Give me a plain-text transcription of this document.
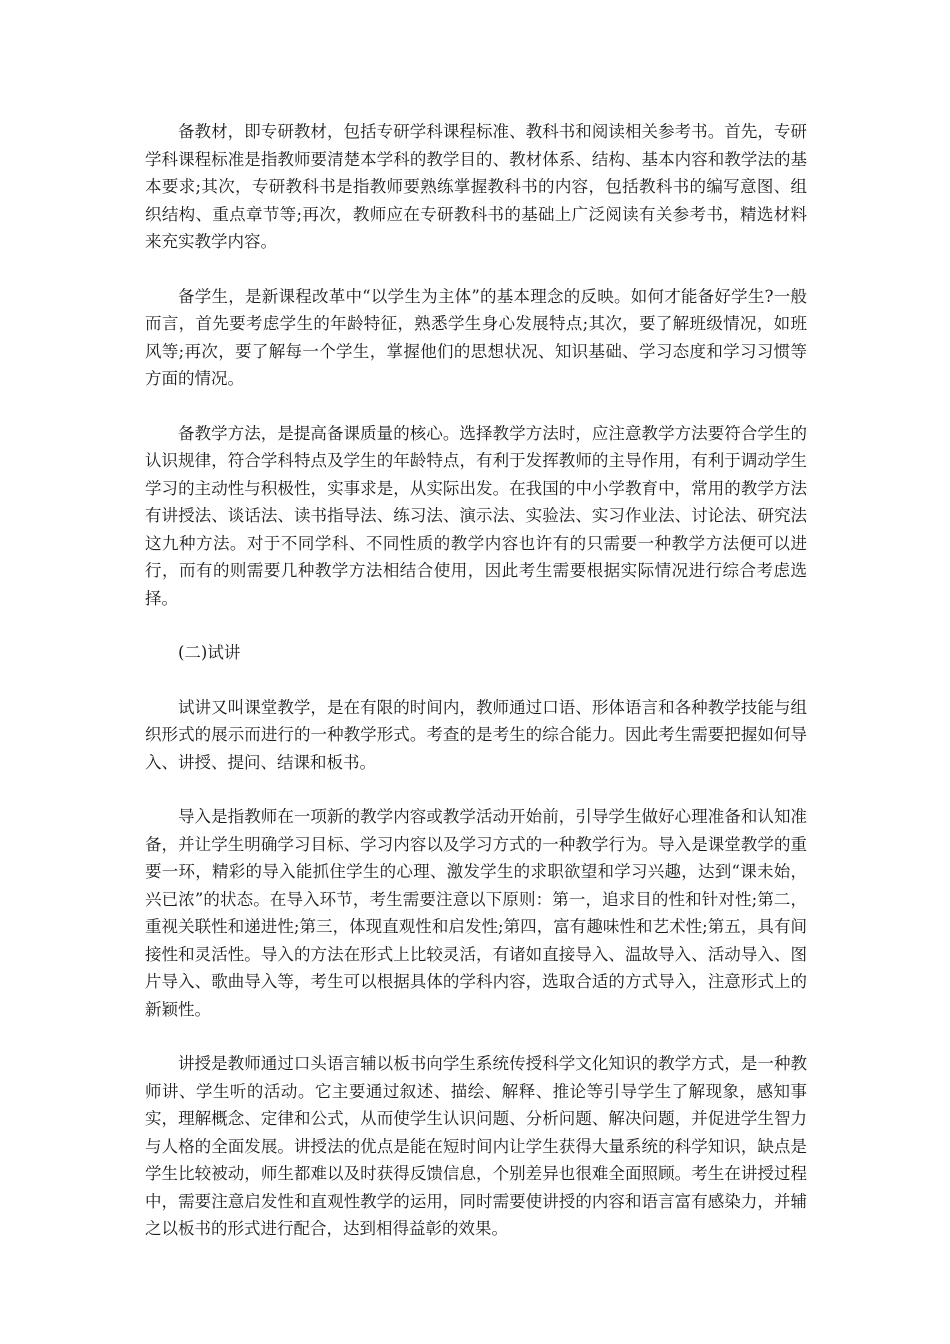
备教材，即专研教材，包括专研学科课程标准、教科书和阅读相关参考书。首先，专研学科课程标准是指教师要清楚本学科的教学目的、教材体系、结构、基本内容和教学法的基本要求;其次，专研教科书是指教师要熟练掌握教科书的内容，包括教科书的编写意图、组织结构、重点章节等;再次，教师应在专研教科书的基础上广泛阅读有关参考书，精选材料来充实教学内容。

备学生，是新课程改革中“以学生为主体”的基本理念的反映。如何才能备好学生?一般而言，首先要考虑学生的年龄特征，熟悉学生身心发展特点;其次，要了解班级情况，如班风等;再次，要了解每一个学生，掌握他们的思想状况、知识基础、学习态度和学习习惯等方面的情况。

备教学方法，是提高备课质量的核心。选择教学方法时，应注意教学方法要符合学生的认识规律，符合学科特点及学生的年龄特点，有利于发挥教师的主导作用，有利于调动学生学习的主动性与积极性，实事求是，从实际出发。在我国的中小学教育中，常用的教学方法有讲授法、谈话法、读书指导法、练习法、演示法、实验法、实习作业法、讨论法、研究法这九种方法。对于不同学科、不同性质的教学内容也许有的只需要一种教学方法便可以进行，而有的则需要几种教学方法相结合使用，因此考生需要根据实际情况进行综合考虑选择。

(二)试讲

试讲又叫课堂教学，是在有限的时间内，教师通过口语、形体语言和各种教学技能与组织形式的展示而进行的一种教学形式。考查的是考生的综合能力。因此考生需要把握如何导入、讲授、提问、结课和板书。

导入是指教师在一项新的教学内容或教学活动开始前，引导学生做好心理准备和认知准备，并让学生明确学习目标、学习内容以及学习方式的一种教学行为。导入是课堂教学的重要一环，精彩的导入能抓住学生的心理、激发学生的求职欲望和学习兴趣，达到“课未始，兴已浓”的状态。在导入环节，考生需要注意以下原则：第一，追求目的性和针对性;第二，重视关联性和递进性;第三，体现直观性和启发性;第四，富有趣味性和艺术性;第五，具有间接性和灵活性。导入的方法在形式上比较灵活，有诸如直接导入、温故导入、活动导入、图片导入、歌曲导入等，考生可以根据具体的学科内容，选取合适的方式导入，注意形式上的新颖性。

讲授是教师通过口头语言辅以板书向学生系统传授科学文化知识的教学方式，是一种教师讲、学生听的活动。它主要通过叙述、描绘、解释、推论等引导学生了解现象，感知事实，理解概念、定律和公式，从而使学生认识问题、分析问题、解决问题，并促进学生智力与人格的全面发展。讲授法的优点是能在短时间内让学生获得大量系统的科学知识，缺点是学生比较被动，师生都难以及时获得反馈信息，个别差异也很难全面照顾。考生在讲授过程中，需要注意启发性和直观性教学的运用，同时需要使讲授的内容和语言富有感染力，并辅之以板书的形式进行配合，达到相得益彰的效果。
